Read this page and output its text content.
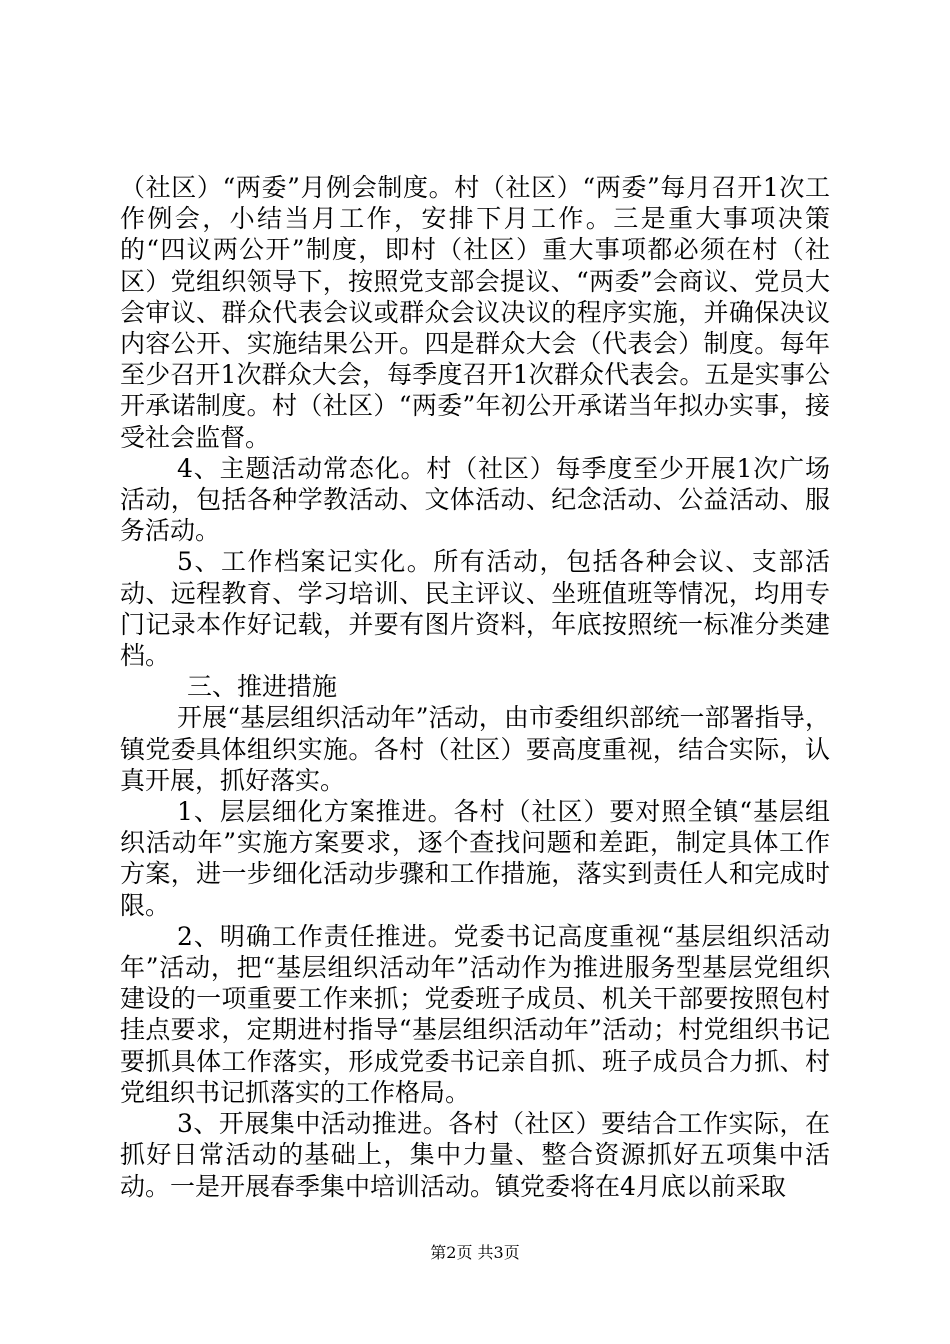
（社区）“两委”月例会制度。村（社区）“两委”每月召开1次工作例会，小结当月工作，安排下月工作。三是重大事项决策的“四议两公开”制度，即村（社区）重大事项都必须在村（社区）党组织领导下，按照党支部会提议、“两委”会商议、党员大会审议、群众代表会议或群众会议决议的程序实施，并确保决议内容公开、实施结果公开。四是群众大会（代表会）制度。每年至少召开1次群众大会，每季度召开1次群众代表会。五是实事公开承诺制度。村（社区）“两委”年初公开承诺当年拟办实事，接受社会监督。

4、主题活动常态化。村（社区）每季度至少开展1次广场活动，包括各种学教活动、文体活动、纪念活动、公益活动、服务活动。

5、工作档案记实化。所有活动，包括各种会议、支部活动、远程教育、学习培训、民主评议、坐班值班等情况，均用专门记录本作好记载，并要有图片资料，年底按照统一标准分类建档。

三、推进措施

开展“基层组织活动年”活动，由市委组织部统一部署指导，镇党委具体组织实施。各村（社区）要高度重视，结合实际，认真开展，抓好落实。

1、层层细化方案推进。各村（社区）要对照全镇“基层组织活动年”实施方案要求，逐个查找问题和差距，制定具体工作方案，进一步细化活动步骤和工作措施，落实到责任人和完成时限。

2、明确工作责任推进。党委书记高度重视“基层组织活动年”活动，把“基层组织活动年”活动作为推进服务型基层党组织建设的一项重要工作来抓；党委班子成员、机关干部要按照包村挂点要求，定期进村指导“基层组织活动年”活动；村党组织书记要抓具体工作落实，形成党委书记亲自抓、班子成员合力抓、村党组织书记抓落实的工作格局。

3、开展集中活动推进。各村（社区）要结合工作实际，在抓好日常活动的基础上，集中力量、整合资源抓好五项集中活动。一是开展春季集中培训活动。镇党委将在4月底以前采取

第2页 共3页
